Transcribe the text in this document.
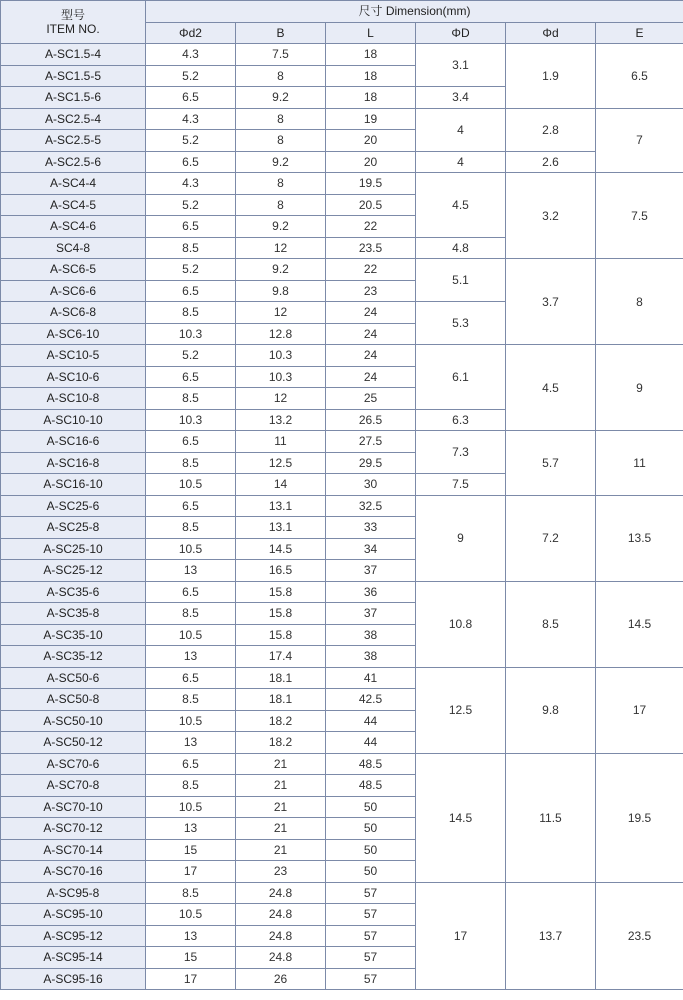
型号
ITEM NO.	尺寸 Dimension(mm)					
	Φd2	B	L	ΦD	Φd	E
A-SC1.5-4	4.3	7.5	18	3.1	1.9	6.5
A-SC1.5-5	5.2	8	18			
A-SC1.5-6	6.5	9.2	18	3.4		
A-SC2.5-4	4.3	8	19	4	2.8	7
A-SC2.5-5	5.2	8	20			
A-SC2.5-6	6.5	9.2	20	4	2.6	
A-SC4-4	4.3	8	19.5	4.5	3.2	7.5
A-SC4-5	5.2	8	20.5			
A-SC4-6	6.5	9.2	22			
SC4-8	8.5	12	23.5	4.8		
A-SC6-5	5.2	9.2	22	5.1	3.7	8
A-SC6-6	6.5	9.8	23			
A-SC6-8	8.5	12	24	5.3		
A-SC6-10	10.3	12.8	24			
A-SC10-5	5.2	10.3	24	6.1	4.5	9
A-SC10-6	6.5	10.3	24			
A-SC10-8	8.5	12	25			
A-SC10-10	10.3	13.2	26.5	6.3		
A-SC16-6	6.5	11	27.5	7.3	5.7	11
A-SC16-8	8.5	12.5	29.5			
A-SC16-10	10.5	14	30	7.5		
A-SC25-6	6.5	13.1	32.5	9	7.2	13.5
A-SC25-8	8.5	13.1	33			
A-SC25-10	10.5	14.5	34			
A-SC25-12	13	16.5	37			
A-SC35-6	6.5	15.8	36	10.8	8.5	14.5
A-SC35-8	8.5	15.8	37			
A-SC35-10	10.5	15.8	38			
A-SC35-12	13	17.4	38			
A-SC50-6	6.5	18.1	41	12.5	9.8	17
A-SC50-8	8.5	18.1	42.5			
A-SC50-10	10.5	18.2	44			
A-SC50-12	13	18.2	44			
A-SC70-6	6.5	21	48.5	14.5	11.5	19.5
A-SC70-8	8.5	21	48.5			
A-SC70-10	10.5	21	50			
A-SC70-12	13	21	50			
A-SC70-14	15	21	50			
A-SC70-16	17	23	50			
A-SC95-8	8.5	24.8	57	17	13.7	23.5
A-SC95-10	10.5	24.8	57			
A-SC95-12	13	24.8	57			
A-SC95-14	15	24.8	57			
A-SC95-16	17	26	57			
